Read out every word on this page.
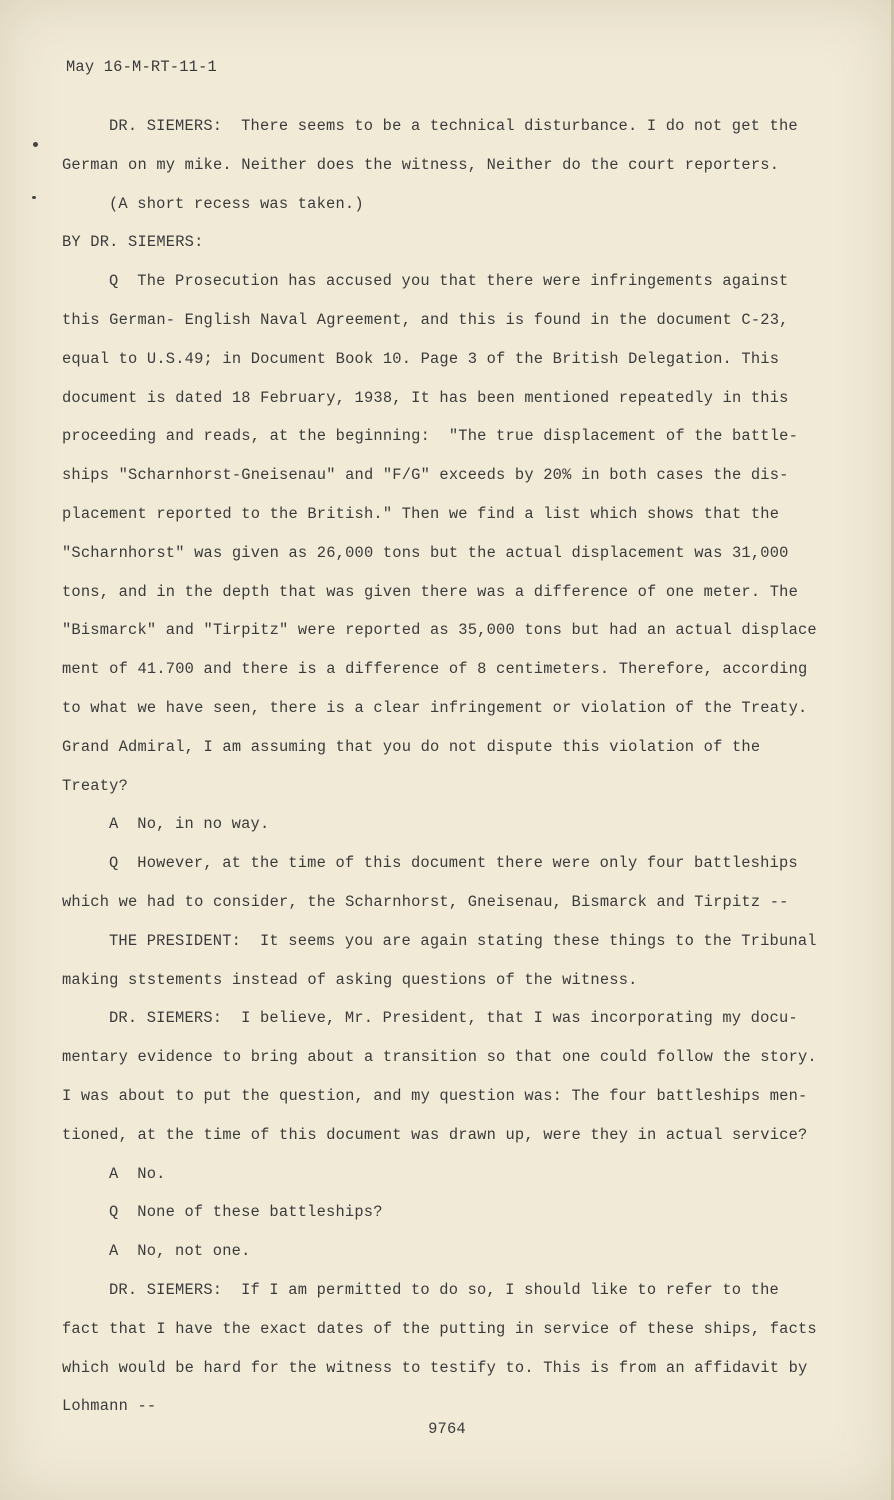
May 16-M-RT-11-1
DR. SIEMERS:  There seems to be a technical disturbance. I do not get the
German on my mike. Neither does the witness, Neither do the court reporters.
(A short recess was taken.)
BY DR. SIEMERS:
Q  The Prosecution has accused you that there were infringements against
this German- English Naval Agreement, and this is found in the document C-23,
equal to U.S.49; in Document Book 10. Page 3 of the British Delegation. This
document is dated 18 February, 1938, It has been mentioned repeatedly in this
proceeding and reads, at the beginning:  "The true displacement of the battle-
ships "Scharnhorst-Gneisenau" and "F/G" exceeds by 20% in both cases the dis-
placement reported to the British." Then we find a list which shows that the
"Scharnhorst" was given as 26,000 tons but the actual displacement was 31,000
tons, and in the depth that was given there was a difference of one meter. The
"Bismarck" and "Tirpitz" were reported as 35,000 tons but had an actual displace
ment of 41.700 and there is a difference of 8 centimeters. Therefore, according
to what we have seen, there is a clear infringement or violation of the Treaty.
Grand Admiral, I am assuming that you do not dispute this violation of the
Treaty?
A  No, in no way.
Q  However, at the time of this document there were only four battleships
which we had to consider, the Scharnhorst, Gneisenau, Bismarck and Tirpitz --
THE PRESIDENT:  It seems you are again stating these things to the Tribunal
making ststements instead of asking questions of the witness.
DR. SIEMERS:  I believe, Mr. President, that I was incorporating my docu-
mentary evidence to bring about a transition so that one could follow the story.
I was about to put the question, and my question was: The four battleships men-
tioned, at the time of this document was drawn up, were they in actual service?
A  No.
Q  None of these battleships?
A  No, not one.
DR. SIEMERS:  If I am permitted to do so, I should like to refer to the
fact that I have the exact dates of the putting in service of these ships, facts
which would be hard for the witness to testify to. This is from an affidavit by
Lohmann --
9764
